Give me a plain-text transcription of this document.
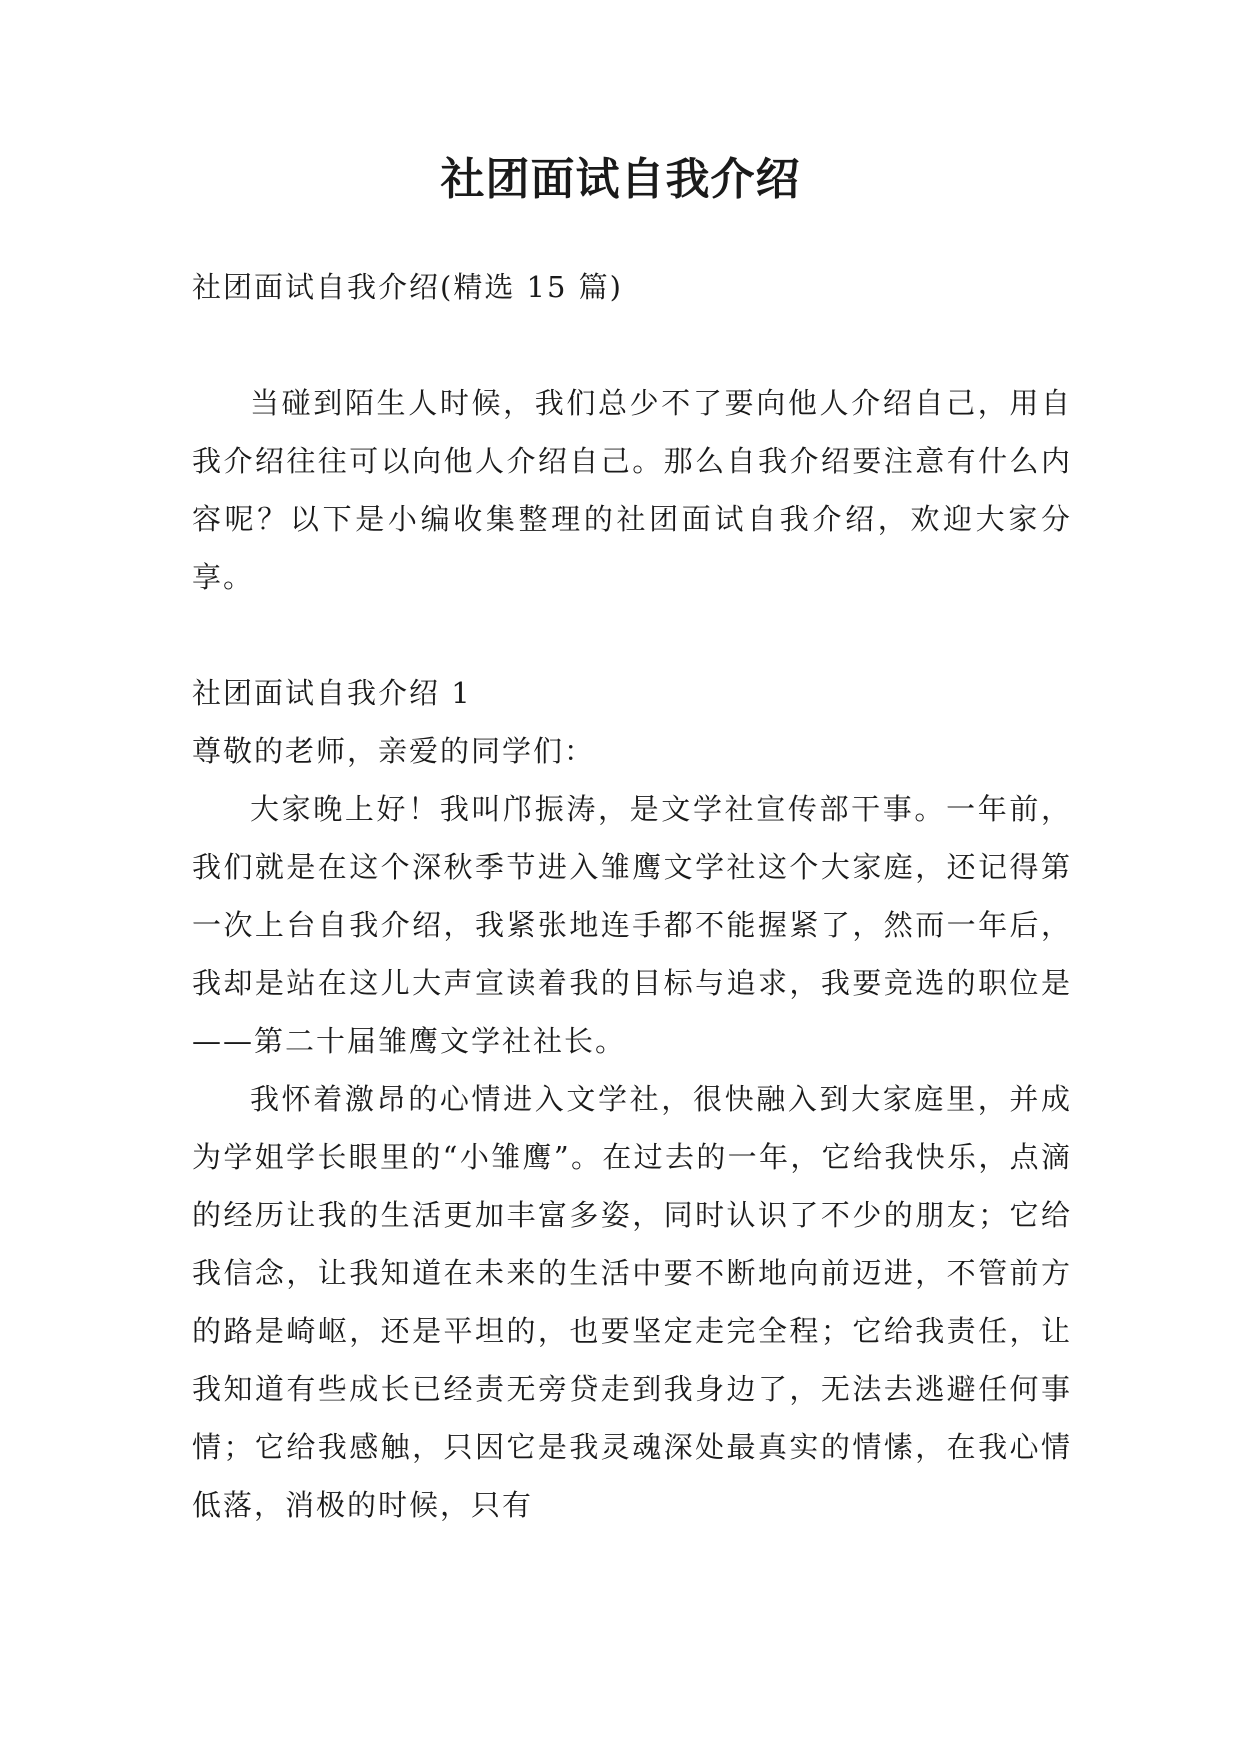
社团面试自我介绍

社团面试自我介绍(精选 15 篇)

当碰到陌生人时候，我们总少不了要向他人介绍自己，用自我介绍往往可以向他人介绍自己。那么自我介绍要注意有什么内容呢？以下是小编收集整理的社团面试自我介绍，欢迎大家分享。

社团面试自我介绍 1

尊敬的老师，亲爱的同学们：

大家晚上好！我叫邝振涛，是文学社宣传部干事。一年前，我们就是在这个深秋季节进入雏鹰文学社这个大家庭，还记得第一次上台自我介绍，我紧张地连手都不能握紧了，然而一年后，我却是站在这儿大声宣读着我的目标与追求，我要竞选的职位是——第二十届雏鹰文学社社长。

我怀着激昂的心情进入文学社，很快融入到大家庭里，并成为学姐学长眼里的“小雏鹰”。在过去的一年，它给我快乐，点滴的经历让我的生活更加丰富多姿，同时认识了不少的朋友；它给我信念，让我知道在未来的生活中要不断地向前迈进，不管前方的路是崎岖，还是平坦的，也要坚定走完全程；它给我责任，让我知道有些成长已经责无旁贷走到我身边了，无法去逃避任何事情；它给我感触，只因它是我灵魂深处最真实的情愫，在我心情低落，消极的时候，只有
